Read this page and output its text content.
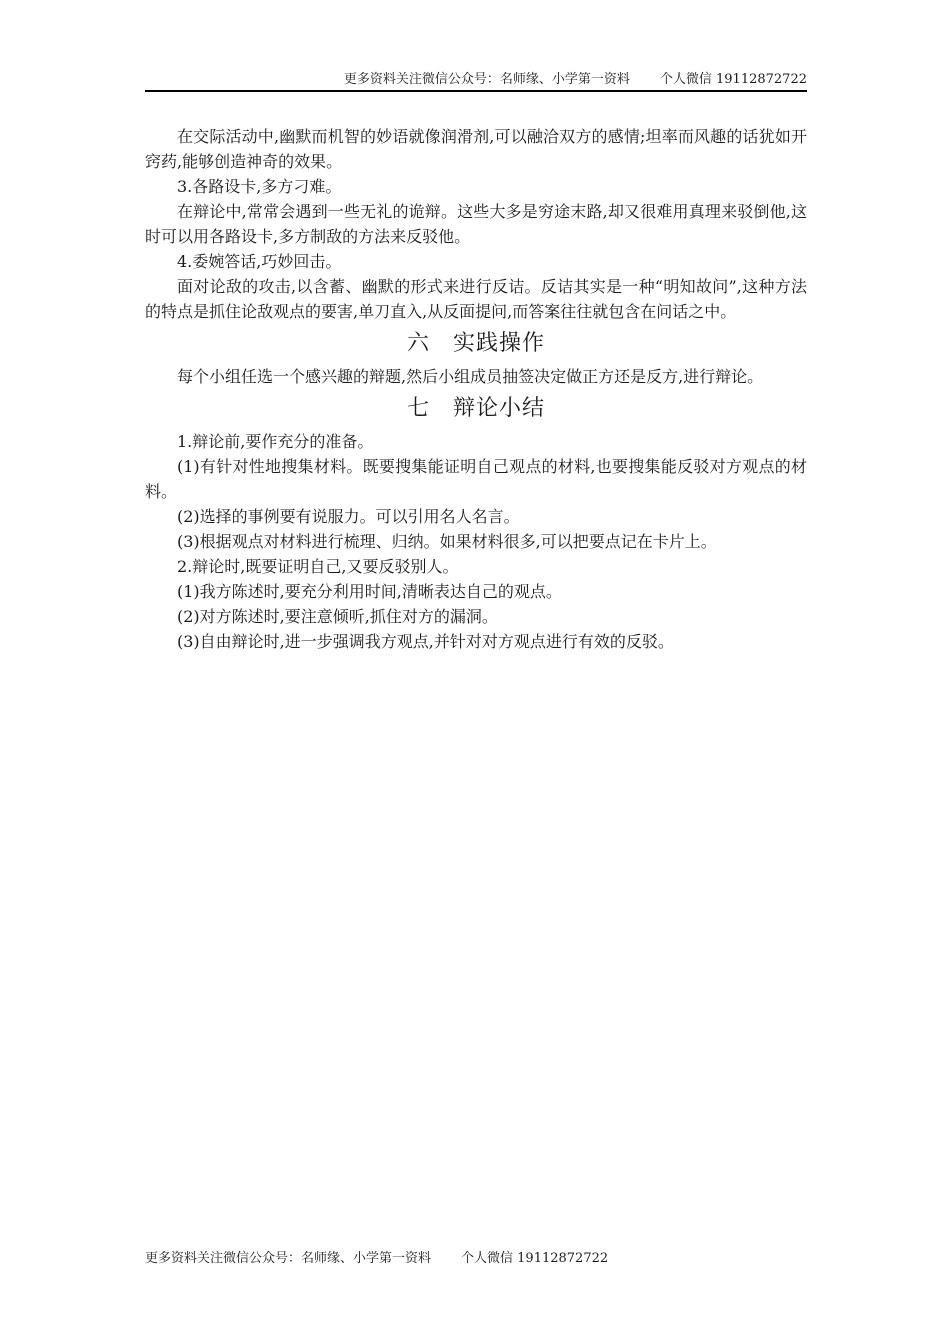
更多资料关注微信公众号：名师缘、小学第一资料 个人微信 19112872722

在交际活动中,幽默而机智的妙语就像润滑剂,可以融洽双方的感情;坦率而风趣的话犹如开窍药,能够创造神奇的效果。

3.各路设卡,多方刁难。

在辩论中,常常会遇到一些无礼的诡辩。这些大多是穷途末路,却又很难用真理来驳倒他,这时可以用各路设卡,多方制敌的方法来反驳他。

4.委婉答话,巧妙回击。

面对论敌的攻击,以含蓄、幽默的形式来进行反诘。反诘其实是一种“明知故问”,这种方法的特点是抓住论敌观点的要害,单刀直入,从反面提问,而答案往往就包含在问话之中。

六　实践操作

每个小组任选一个感兴趣的辩题,然后小组成员抽签决定做正方还是反方,进行辩论。

七　辩论小结

1.辩论前,要作充分的准备。

(1)有针对性地搜集材料。既要搜集能证明自己观点的材料,也要搜集能反驳对方观点的材料。

(2)选择的事例要有说服力。可以引用名人名言。

(3)根据观点对材料进行梳理、归纳。如果材料很多,可以把要点记在卡片上。

2.辩论时,既要证明自己,又要反驳别人。

(1)我方陈述时,要充分利用时间,清晰表达自己的观点。

(2)对方陈述时,要注意倾听,抓住对方的漏洞。

(3)自由辩论时,进一步强调我方观点,并针对对方观点进行有效的反驳。

更多资料关注微信公众号：名师缘、小学第一资料 个人微信 19112872722
